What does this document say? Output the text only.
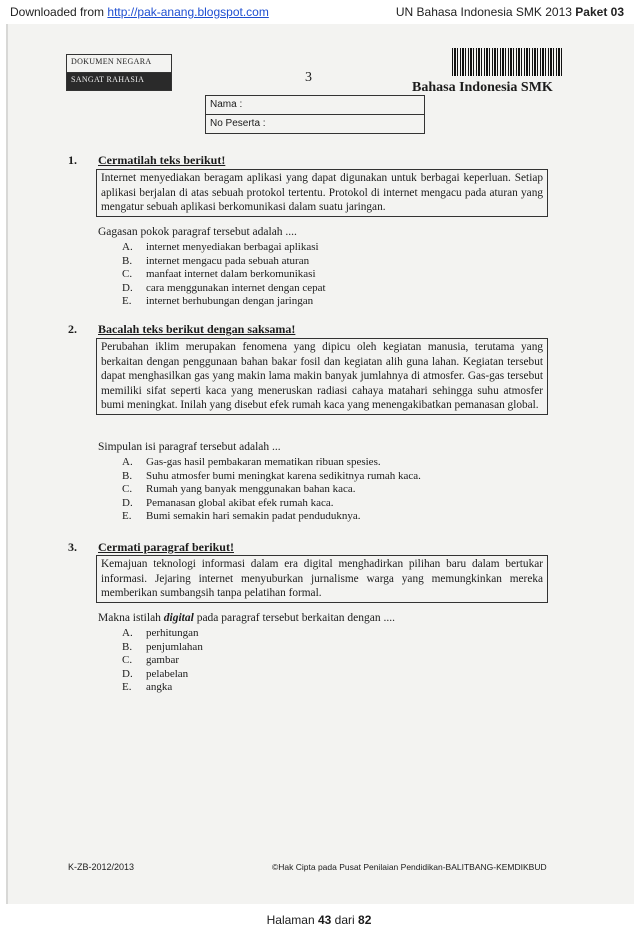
Downloaded from http://pak-anang.blogspot.com	UN Bahasa Indonesia SMK 2013 Paket 03
DOKUMEN NEGARA
SANGAT RAHASIA	3
Bahasa Indonesia SMK
Nama :
No Peserta :
1. Cermatilah teks berikut!
Internet menyediakan beragam aplikasi yang dapat digunakan untuk berbagai keperluan. Setiap aplikasi berjalan di atas sebuah protokol tertentu. Protokol di internet mengacu pada aturan yang mengatur sebuah aplikasi berkomunikasi dalam suatu jaringan.
Gagasan pokok paragraf tersebut adalah ....
A.	internet menyediakan berbagai aplikasi
B.	internet mengacu pada sebuah aturan
C.	manfaat internet dalam berkomunikasi
D.	cara menggunakan internet dengan cepat
E.	internet berhubungan dengan jaringan
2. Bacalah teks berikut dengan saksama!
Perubahan iklim merupakan fenomena yang dipicu oleh kegiatan manusia, terutama yang berkaitan dengan penggunaan bahan bakar fosil dan kegiatan alih guna lahan. Kegiatan tersebut dapat menghasilkan gas yang makin lama makin banyak jumlahnya di atmosfer. Gas-gas tersebut memiliki sifat seperti kaca yang meneruskan radiasi cahaya matahari sehingga suhu atmosfer bumi meningkat. Inilah yang disebut efek rumah kaca yang menengakibatkan pemanasan global.
Simpulan isi paragraf tersebut adalah ...
A.	Gas-gas hasil pembakaran mematikan ribuan spesies.
B.	Suhu atmosfer bumi meningkat karena sedikitnya rumah kaca.
C.	Rumah yang banyak menggunakan bahan kaca.
D.	Pemanasan global akibat efek rumah kaca.
E.	Bumi semakin hari semakin padat penduduknya.
3. Cermati paragraf berikut!
Kemajuan teknologi informasi dalam era digital menghadirkan pilihan baru dalam bertukar informasi. Jejaring internet menyuburkan jurnalisme warga yang memungkinkan mereka memberikan sumbangsih tanpa pelatihan formal.
Makna istilah digital pada paragraf tersebut berkaitan dengan ....
A.	perhitungan
B.	penjumlahan
C.	gambar
D.	pelabelan
E.	angka
K-ZB-2012/2013	©Hak Cipta pada Pusat Penilaian Pendidikan-BALITBANG-KEMDIKBUD
Halaman 43 dari 82
